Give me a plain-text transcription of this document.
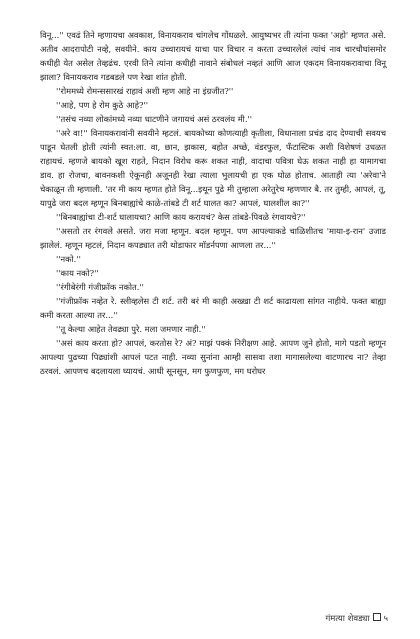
विनू...'' एवढं तिने म्हणायचा अवकाश, विनायकराव चांगलेच गोंधळले. आयुष्यभर ती त्यांना फक्त 'अहो' म्हणत असे. अतीव आदरापोटी नव्हे, सवयीने. काय उच्चारायचं याचा पार विचार न करता उच्चारलेलं त्यांचं नाव चारचौघांसमोर कधीही येत असेल तेव्हढंच. एरवी तिने त्यांना कधीही नावाने संबोधलं नव्हतं आणि आज एकदम विनायकरावाचा विनू झाला? विनायकराव गडबडले पण रेखा शांत होती.

''रोममध्ये रोमन्ससारखं राहावं अशी म्हण आहे ना इंग्रजीत?''

''आहे, पण हे रोम कुठे आहे?''

''तसंच नव्या लोकांमध्ये नव्या धाटणीने जगायचं असं ठरवलंय मी.''

''अरे वा!'' विनायकरावांनी सवयीने म्हटलं. बायकोच्या कोणत्याही कृतीला, विधानाला प्रचंड दाद देण्याची सवयच पाडून घेतली होती त्यांनी स्वत:ला. वा, छान, झकास, बहोत अच्छे, वंडरफुल, फँटास्टिक अशी विशेषणं उधळत राहायचं. म्हणजे बायको खूश राहते, निदान विरोध करू शकत नाही, वादाचा पवित्रा घेऊ शकत नाही हा यामागचा डाव. हा रोजचा, बावनकशी ऐकूनही अजूनही रेखा त्याला भुलायची हा एक घोळ होताच. आताही त्या 'अरेवा'ने चेकाळून ती म्हणाली. 'तर मी काय म्हणत होते विनू...इथून पुढे मी तुम्हाला अरेतुरेच म्हणणार बै. तर तुम्ही, आपलं, तू, यापुढे जरा बदल म्हणून बिनबाह्यांचे काळे-तांबडे टी शर्ट घालत का? आपलं, घालशील का?''

''बिनबाह्यांचा टी-शर्ट घालायचा? आणि काय करायचं? केस तांबडे-पिवळे रंगवायचे?''

''असतो तर रंगवले असते. जरा मजा म्हणून. बदल म्हणून. पण आपल्याकडे चाळिशीतच 'माया-इ-रान' उजाड झालेलं. म्हणून म्हटलं, निदान कपड्यात तरी थोडाफार मॉडर्नपणा आणला तर...''

''नको.''

''काय नको?''

''रंगीबेरंगी गंजीफ्रॉक नकोत.''

''गंजीफ्रॉक नव्हेत रे. स्लीव्हलेस टी शर्ट. तरी बरं मी काही अख्खा टी शर्ट काढायला सांगत नाहीये. फक्त बाह्या कमी करता आल्या तर...''

''तू केल्या आहेत तेवढ्या पुरे. मला जमणार नाही.''

''असं काय करता हो? आपलं, करतोस रे? अं? माझं पक्कं निरीक्षण आहे. आपण जुने होतो, मागे पडतो म्हणून आपल्या पुढच्या पिढ्यांशी आपलं पटत नाही. नव्या सुनांना आम्ही सासवा तशा मागासलेल्या वाटणारच ना? तेव्हा ठरवलं. आपणच बदलायला घ्यायचं. आधी सूनसून, मग फुणफुण, मग घरोघर

गंमत्या शेवड्या ५
